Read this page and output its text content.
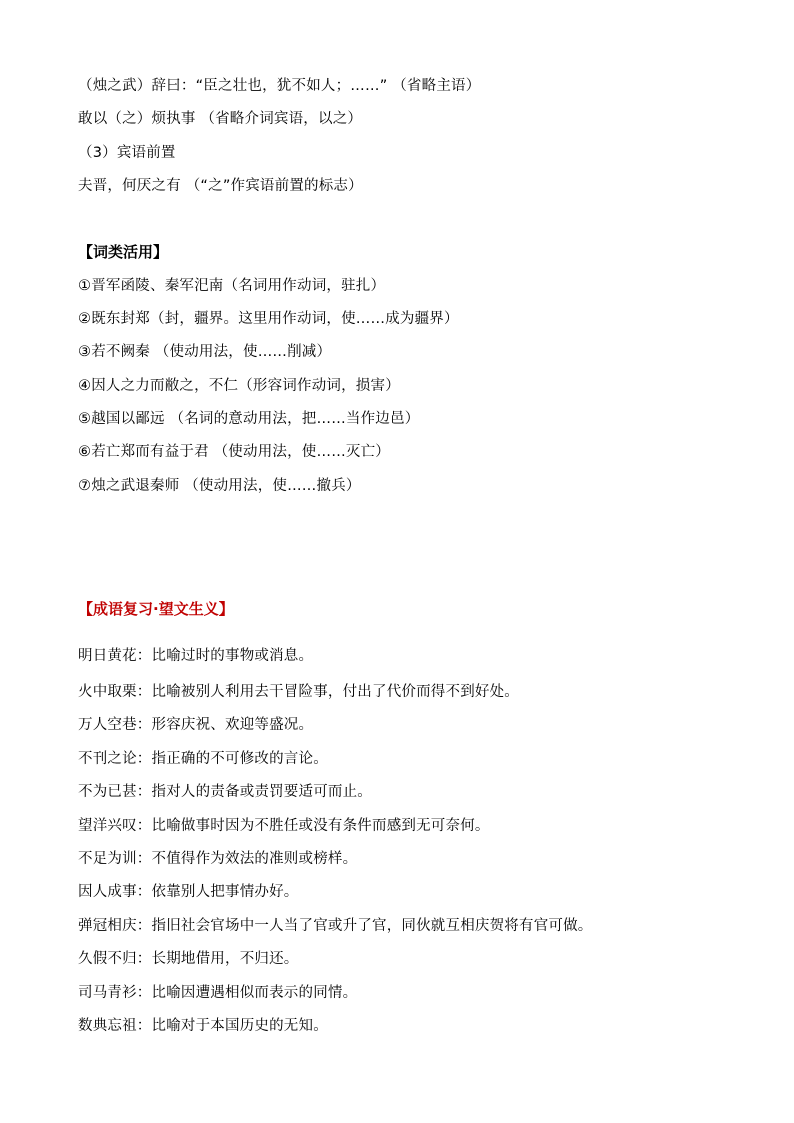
（烛之武）辞曰：“臣之壮也，犹不如人；……” （省略主语）
敢以（之）烦执事 （省略介词宾语，以之）
（3）宾语前置
夫晋，何厌之有 （“之”作宾语前置的标志）
【词类活用】
①晋军函陵、秦军汜南（名词用作动词，驻扎）
②既东封郑（封，疆界。这里用作动词，使……成为疆界）
③若不阙秦 （使动用法，使……削减）
④因人之力而敝之，不仁（形容词作动词，损害）
⑤越国以鄙远 （名词的意动用法，把……当作边邑）
⑥若亡郑而有益于君 （使动用法，使……灭亡）
⑦烛之武退秦师 （使动用法，使……撤兵）
【成语复习·望文生义】
明日黄花：比喻过时的事物或消息。
火中取栗：比喻被别人利用去干冒险事，付出了代价而得不到好处。
万人空巷：形容庆祝、欢迎等盛况。
不刊之论：指正确的不可修改的言论。
不为已甚：指对人的责备或责罚要适可而止。
望洋兴叹：比喻做事时因为不胜任或没有条件而感到无可奈何。
不足为训：不值得作为效法的准则或榜样。
因人成事：依靠别人把事情办好。
弹冠相庆：指旧社会官场中一人当了官或升了官，同伙就互相庆贺将有官可做。
久假不归：长期地借用，不归还。
司马青衫：比喻因遭遇相似而表示的同情。
数典忘祖：比喻对于本国历史的无知。
